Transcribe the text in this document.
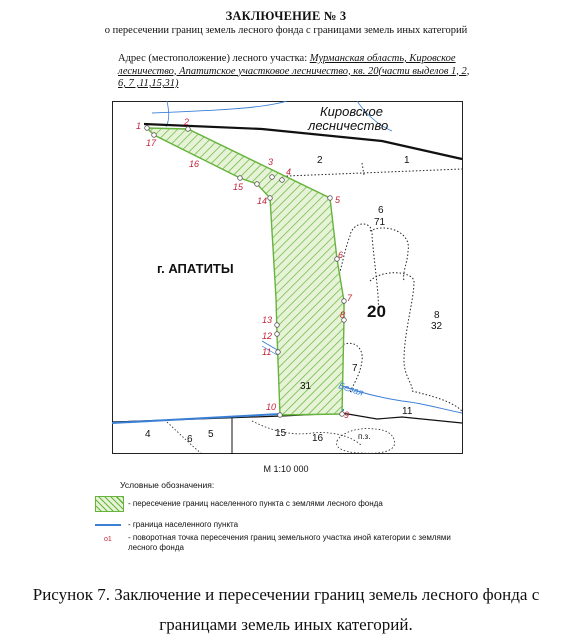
ЗАКЛЮЧЕНИЕ № 3
о пересечении границ земель лесного фонда с границами земель иных категорий
Адрес (местоположение) лесного участка: Мурманская область, Кировское лесничество, Апатитское участковое лесничество, кв. 20(части выделов 1, 2, 6, 7 ,11,15,31)
1	2
3
4
5
6
7
8
9
10
11
12
13
14
15
16
17
Кировское
лесничество
г. АПАТИТЫ
20
Белая
2	1
6
71
8
32
7
31
11
15	16
4	6 5	п.з.
М 1:10 000
Условные обозначения:
- пересечение границ населенного пункта с землями лесного фонда
- граница населенного пункта
о1 - поворотная точка пересечения границ земельного участка иной категории с землями лесного фонда
Рисунок 7. Заключение и пересечении границ земель лесного фонда с
границами земель иных категорий.
